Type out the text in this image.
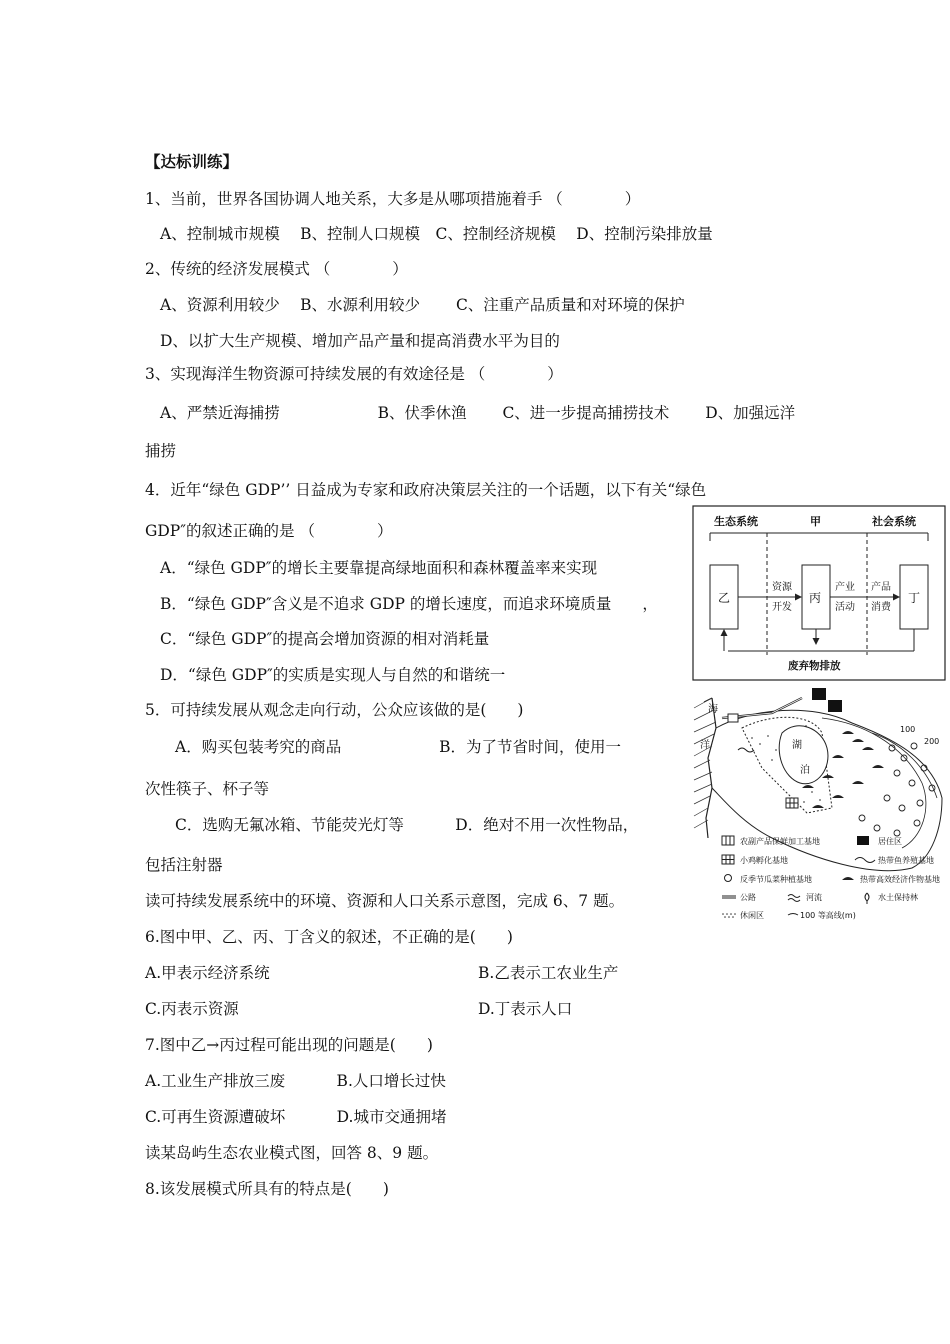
【达标训练】
1、当前，世界各国协调人地关系，大多是从哪项措施着手 （　　　　）
A、控制城市规模　 B、控制人口规模　C、控制经济规模　 D、控制污染排放量
2、传统的经济发展模式 （　　　　）
A、资源利用较少　 B、水源利用较少　　 C、注重产品质量和对环境的保护
D、以扩大生产规模、增加产品产量和提高消费水平为目的
3、实现海洋生物资源可持续发展的有效途径是 （　　　　）
A、严禁近海捕捞　　　　　　 B、伏季休渔　　 C、进一步提高捕捞技术　　 D、加强远洋
捕捞
4．近年“绿色 GDP’’ 日益成为专家和政府决策层关注的一个话题，以下有关“绿色
GDP″的叙述正确的是 （　　　　）
A．“绿色 GDP″的增长主要靠提高绿地面积和森林覆盖率来实现
B．“绿色 GDP″含义是不追求 GDP 的增长速度，而追求环境质量　　，
C．“绿色 GDP″的提高会增加资源的相对消耗量
D．“绿色 GDP″的实质是实现人与自然的和谐统一
5．可持续发展从观念走向行动，公众应该做的是(　　)
A．购买包装考究的商品　　　　　　 B．为了节省时间，使用一
次性筷子、杯子等
C．选购无氟冰箱、节能荧光灯等　　　 D．绝对不用一次性物品，
包括注射器
读可持续发展系统中的环境、资源和人口关系示意图，完成 6、7 题。
6.图中甲、乙、丙、丁含义的叙述，不正确的是(　　)
A.甲表示经济系统	B.乙表示工农业生产
C.丙表示资源	D.丁表示人口
7.图中乙→丙过程可能出现的问题是(　　)
A.工业生产排放三废　　　 B.人口增长过快
C.可再生资源遭破坏　　　 D.城市交通拥堵
读某岛屿生态农业模式图，回答 8、9 题。
8.该发展模式所具有的特点是(　　)
生态系统	甲	社会系统
乙	丙	丁
资源
开发
产业
活动
产品
消费
废弃物排放
海
洋	湖
泊
100
200
农副产品保鲜加工基地	居住区
小鸡孵化基地	热带鱼养殖基地
反季节瓜菜种植基地	热带高效经济作物基地
公路	河流	水土保持林
休闲区	100 等高线(m)
